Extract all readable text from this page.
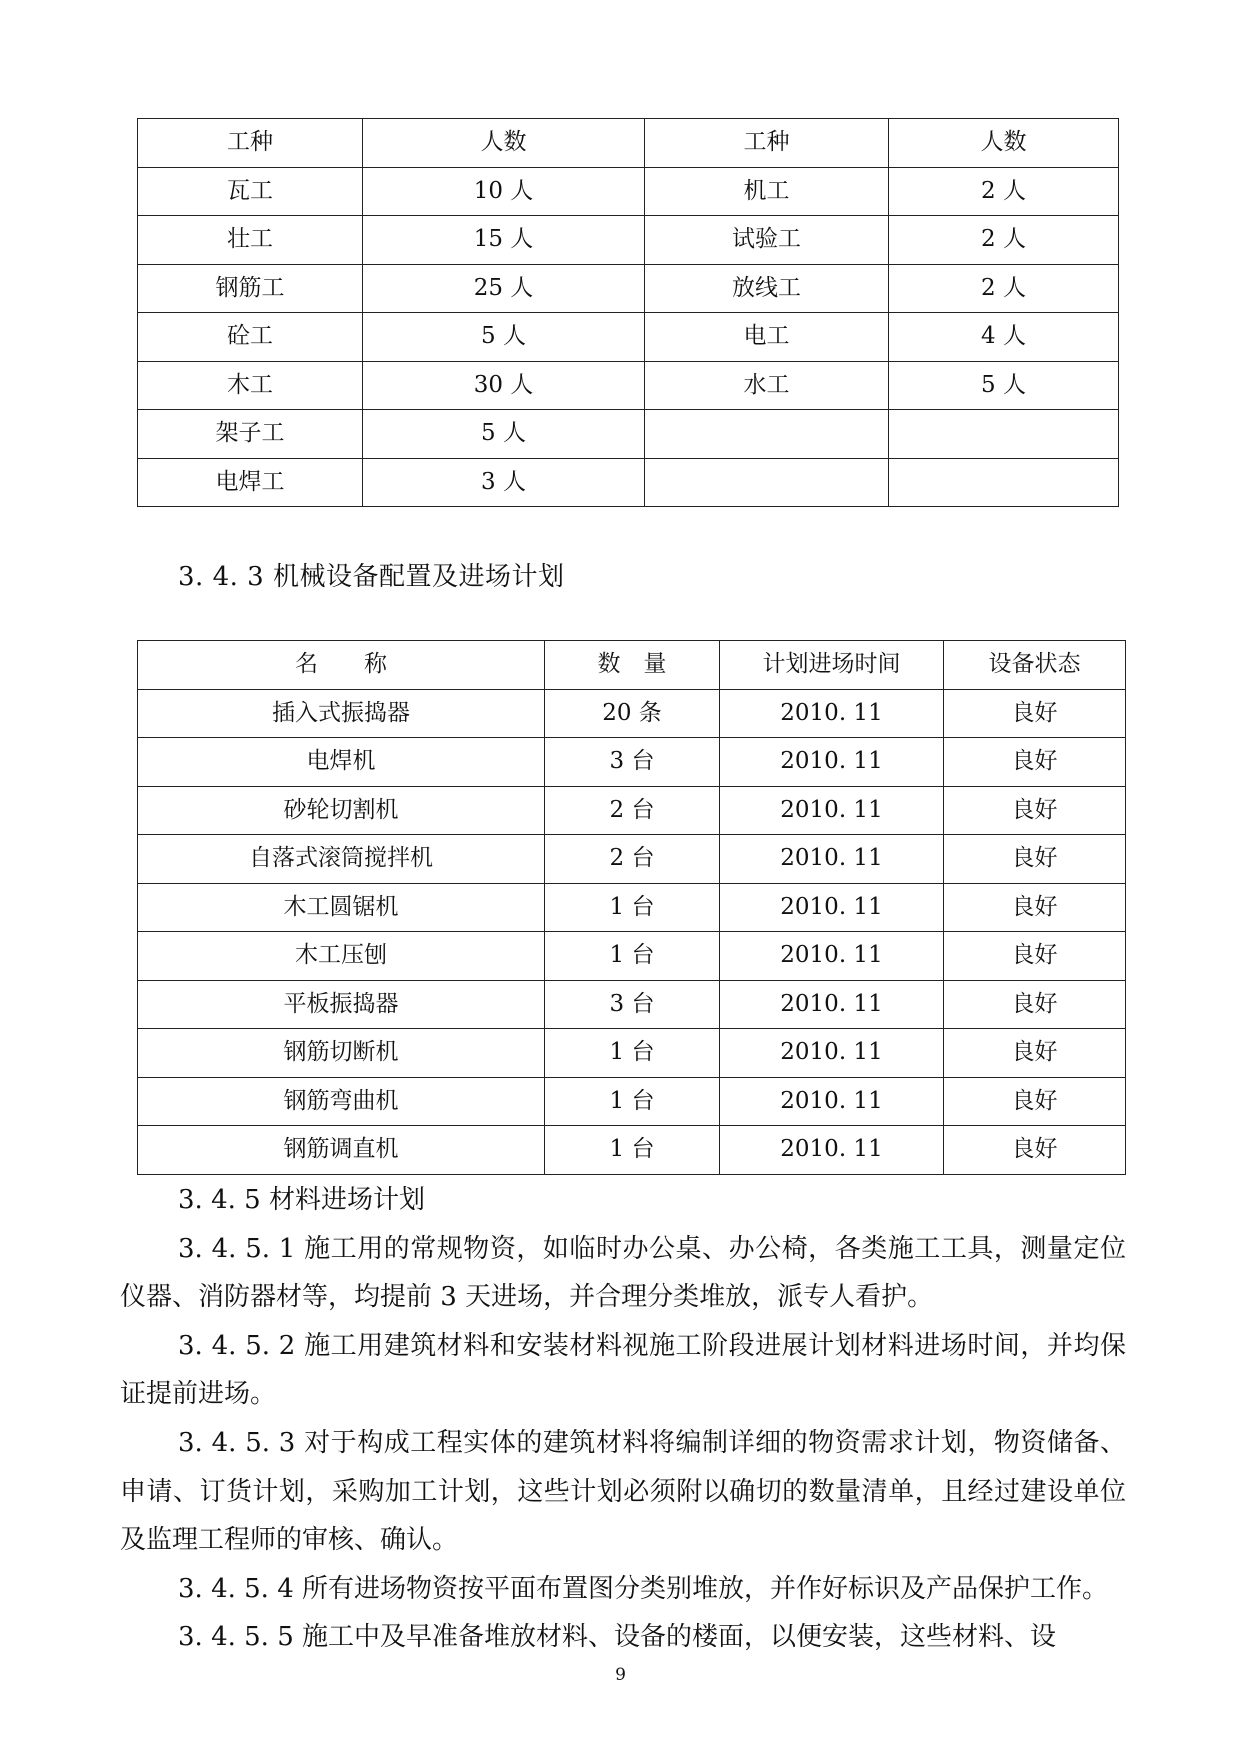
工种	人数	工种	人数
瓦工	10 人	机工	2 人
壮工	15 人	试验工	2 人
钢筋工	25 人	放线工	2 人
砼工	5 人	电工	4 人
木工	30 人	水工	5 人
架子工	5 人		
电焊工	3 人		
3. 4. 3 机械设备配置及进场计划
名　　称	数　量	计划进场时间	设备状态
插入式振捣器	20 条	2010. 11	良好
电焊机	3 台	2010. 11	良好
砂轮切割机	2 台	2010. 11	良好
自落式滚筒搅拌机	2 台	2010. 11	良好
木工圆锯机	1 台	2010. 11	良好
木工压刨	1 台	2010. 11	良好
平板振捣器	3 台	2010. 11	良好
钢筋切断机	1 台	2010. 11	良好
钢筋弯曲机	1 台	2010. 11	良好
钢筋调直机	1 台	2010. 11	良好

3. 4. 5 材料进场计划

3. 4. 5. 1 施工用的常规物资，如临时办公桌、办公椅，各类施工工具，测量定位仪器、消防器材等，均提前 3 天进场，并合理分类堆放，派专人看护。

3. 4. 5. 2 施工用建筑材料和安装材料视施工阶段进展计划材料进场时间，并均保证提前进场。

3. 4. 5. 3 对于构成工程实体的建筑材料将编制详细的物资需求计划，物资储备、申请、订货计划，采购加工计划，这些计划必须附以确切的数量清单，且经过建设单位及监理工程师的审核、确认。

3. 4. 5. 4 所有进场物资按平面布置图分类别堆放，并作好标识及产品保护工作。

3. 4. 5. 5 施工中及早准备堆放材料、设备的楼面，以便安装，这些材料、设

9
